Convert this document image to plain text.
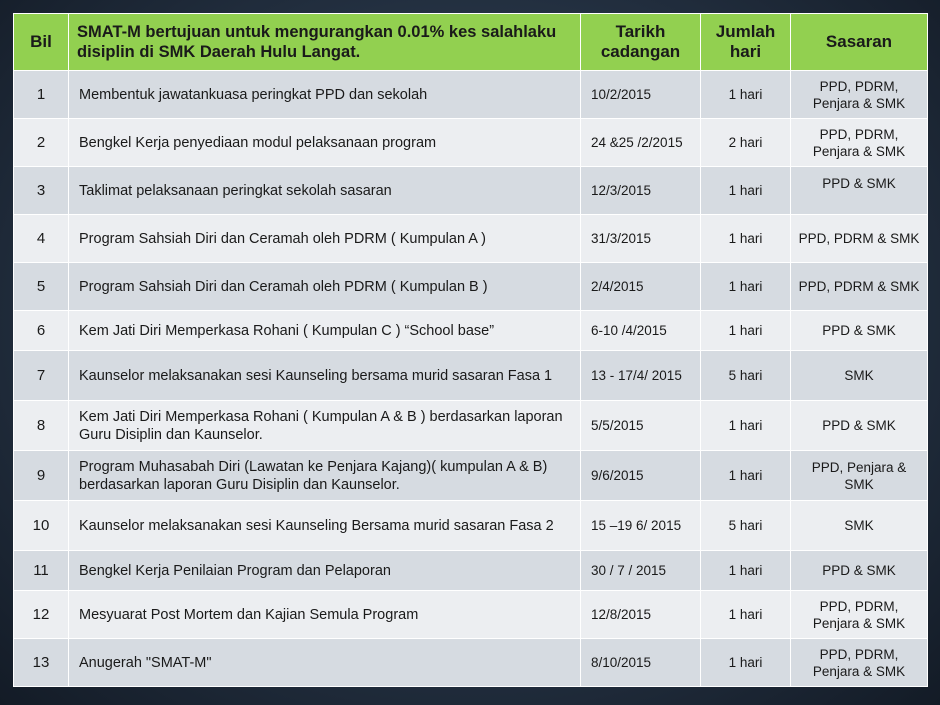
Bil	SMAT-M bertujuan untuk mengurangkan 0.01% kes salahlaku disiplin di SMK Daerah Hulu Langat.	Tarikh cadangan	Jumlah hari	Sasaran
1	Membentuk jawatankuasa peringkat PPD dan sekolah	10/2/2015	1 hari	PPD, PDRM, Penjara & SMK
2	Bengkel Kerja penyediaan modul pelaksanaan program	24 &25 /2/2015	2 hari	PPD, PDRM, Penjara & SMK
3	Taklimat pelaksanaan peringkat sekolah sasaran	12/3/2015	1 hari	PPD & SMK
4	Program Sahsiah Diri dan Ceramah oleh PDRM ( Kumpulan A )	31/3/2015	1 hari	PPD, PDRM & SMK
5	Program Sahsiah Diri dan Ceramah oleh PDRM ( Kumpulan B )	2/4/2015	1 hari	PPD, PDRM & SMK
6	Kem Jati Diri Memperkasa Rohani ( Kumpulan C ) “School base”	6-10 /4/2015	1 hari	PPD & SMK
7	Kaunselor melaksanakan sesi Kaunseling bersama murid sasaran Fasa 1	13 - 17/4/ 2015	5 hari	SMK
8	Kem Jati Diri Memperkasa Rohani ( Kumpulan A & B ) berdasarkan laporan Guru Disiplin dan Kaunselor.	5/5/2015	1 hari	PPD & SMK
9	Program Muhasabah Diri (Lawatan ke Penjara Kajang)( kumpulan A & B) berdasarkan laporan Guru Disiplin dan Kaunselor.	9/6/2015	1 hari	PPD, Penjara & SMK
10	Kaunselor melaksanakan sesi Kaunseling Bersama murid sasaran Fasa 2	15 –19 6/ 2015	5 hari	SMK
11	Bengkel Kerja Penilaian Program dan Pelaporan	30 / 7 / 2015	1 hari	PPD & SMK
12	Mesyuarat Post Mortem dan Kajian Semula Program	12/8/2015	1 hari	PPD, PDRM, Penjara & SMK
13	Anugerah "SMAT-M"	8/10/2015	1 hari	PPD, PDRM, Penjara & SMK
